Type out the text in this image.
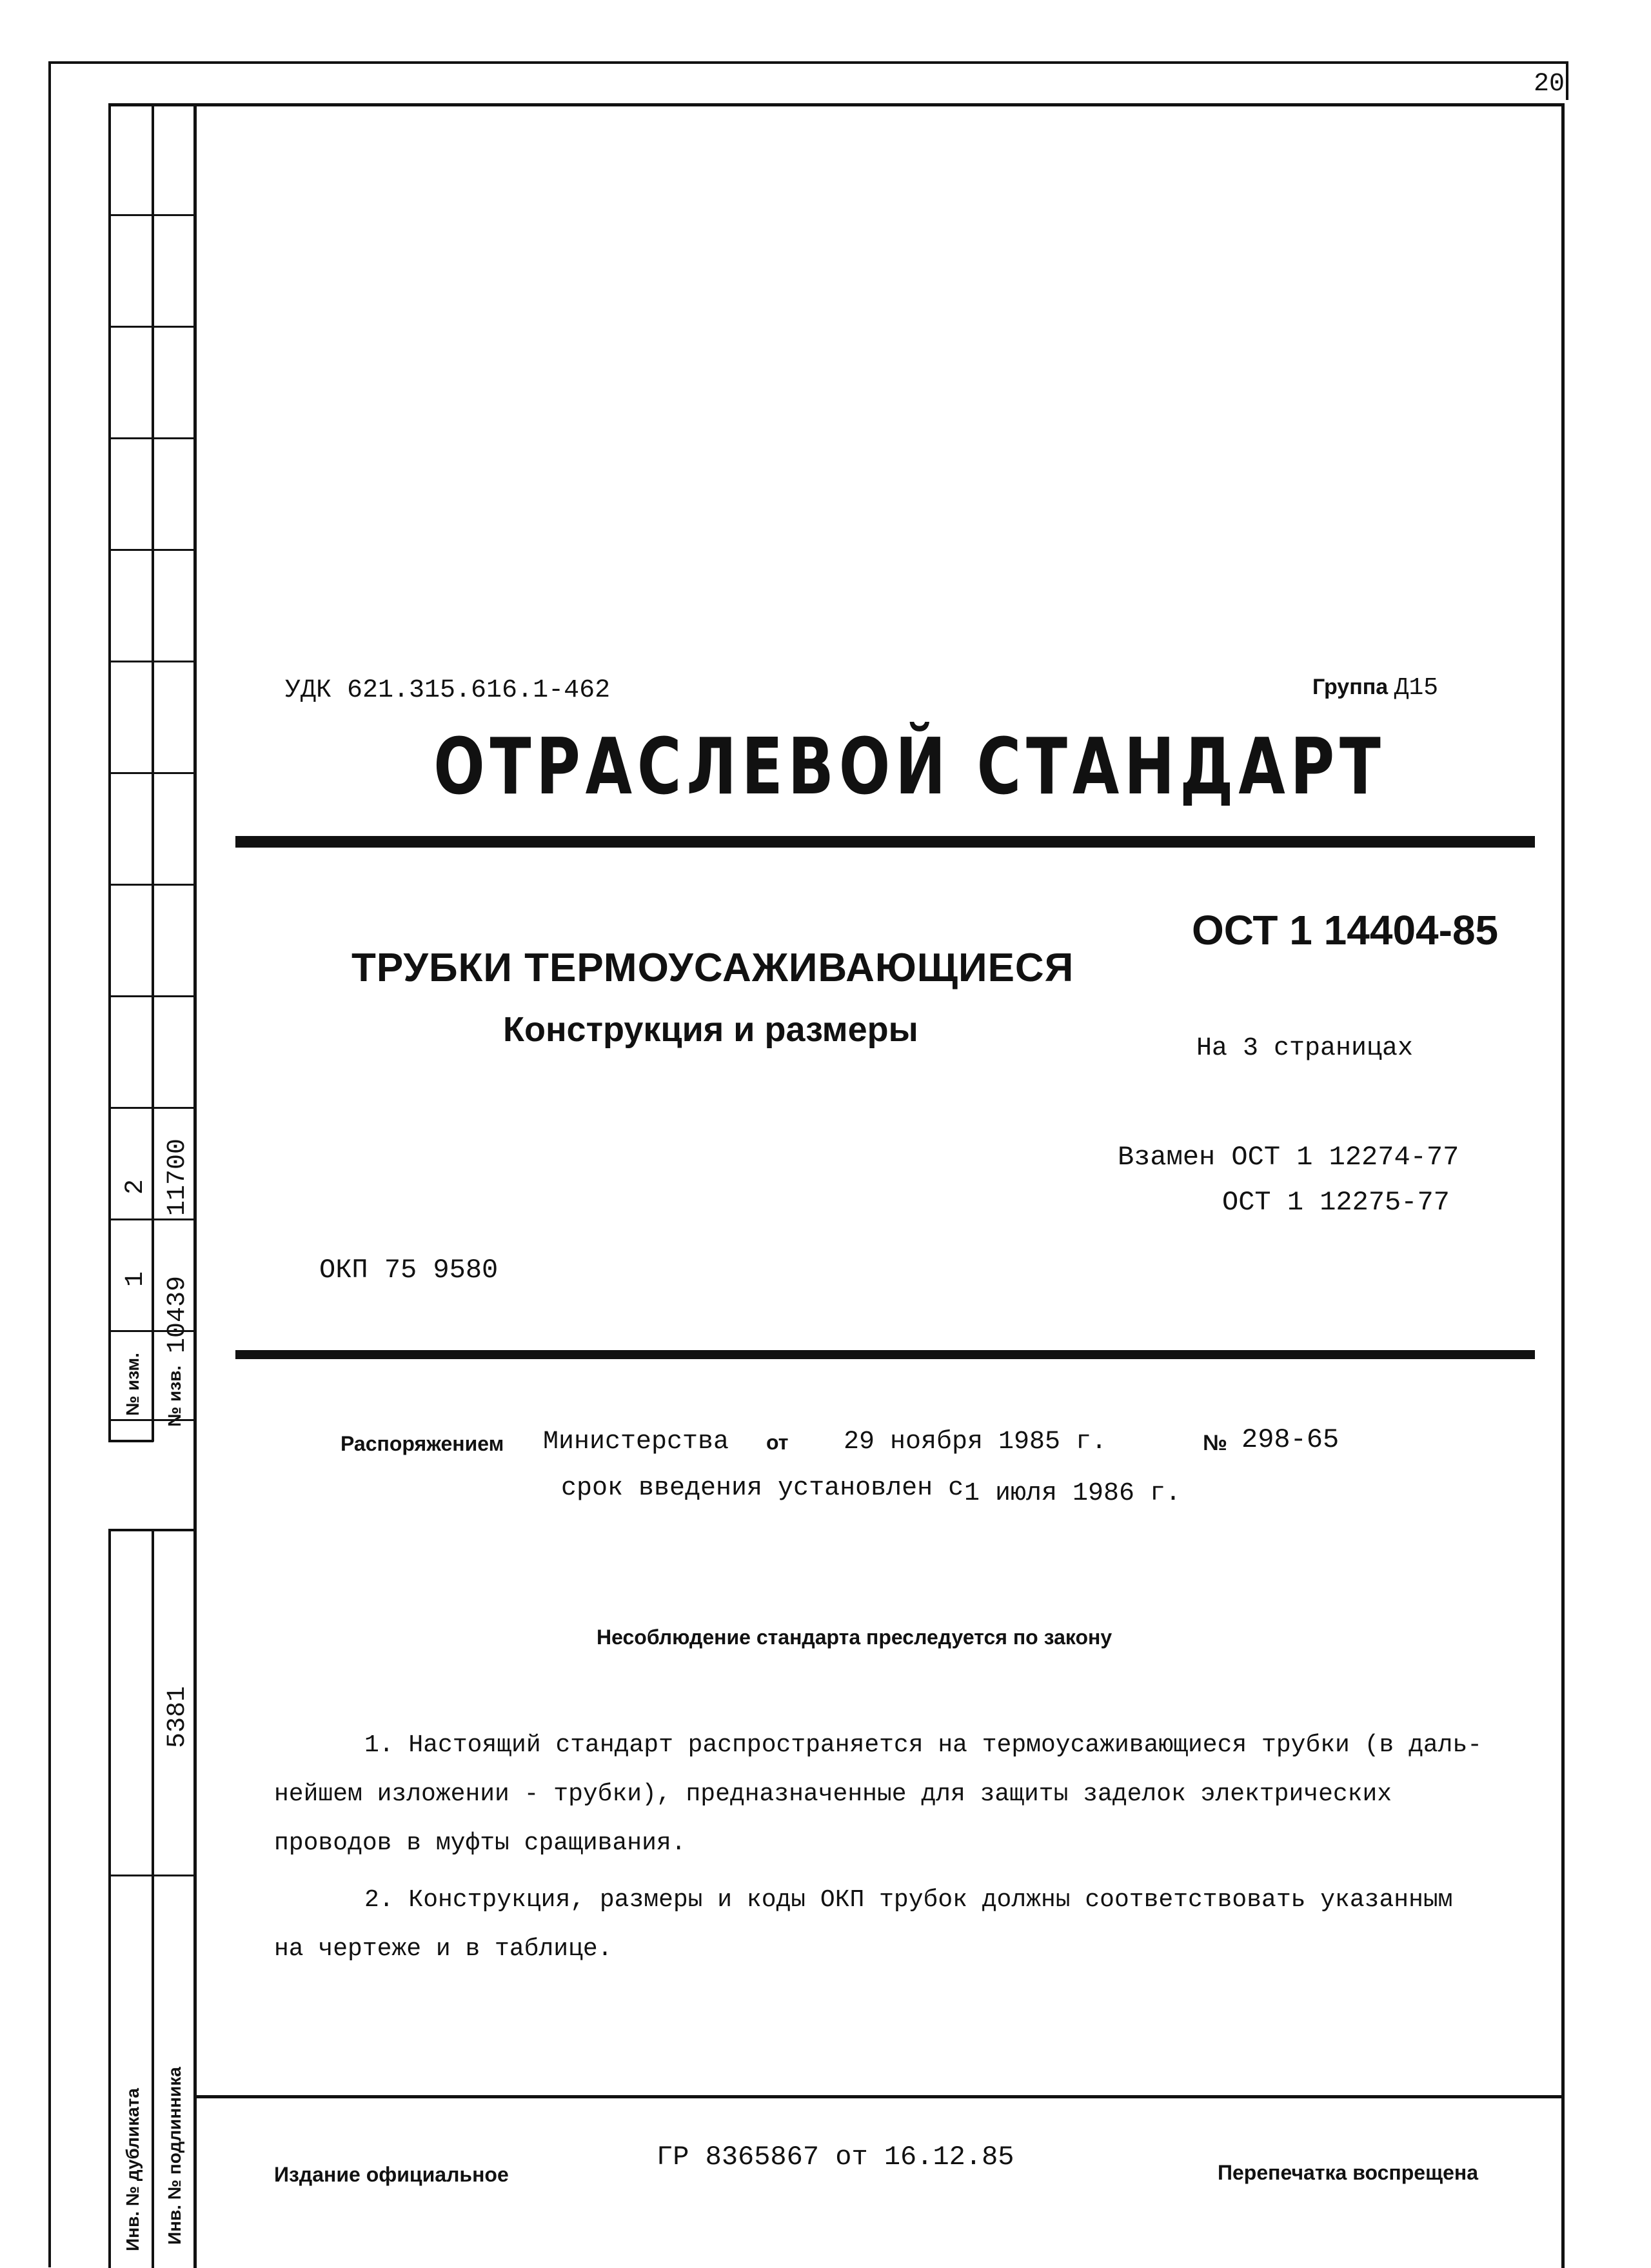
20
1
2
№ изм.
10439
11700
№ изв.
5381
Инв. № дубликата Инв. № подлинника
УДК 621.315.616.1-462	Группа Д15
ОТРАСЛЕВОЙ СТАНДАРТ
ОСТ 1 14404-85
ТРУБКИ ТЕРМОУСАЖИВАЮЩИЕСЯ
Конструкция и размеры	На 3 страницах
Взамен ОСТ 1 12274-77
ОСТ 1 12275-77
ОКП 75 9580
Распоряжением Министерства от 29 ноября 1985 г.	№ 298-65
срок введения установлен с 1 июля 1986 г.
Несоблюдение стандарта преследуется по закону
1. Настоящий стандарт распространяется на термоусаживающиеся трубки (в даль-
нейшем изложении - трубки), предназначенные для защиты заделок электрических
проводов в муфты сращивания.
2. Конструкция, размеры и коды ОКП трубок должны соответствовать указанным
на чертеже и в таблице.
Издание официальное
ГР 8365867 от 16.12.85	Перепечатка воспрещена
